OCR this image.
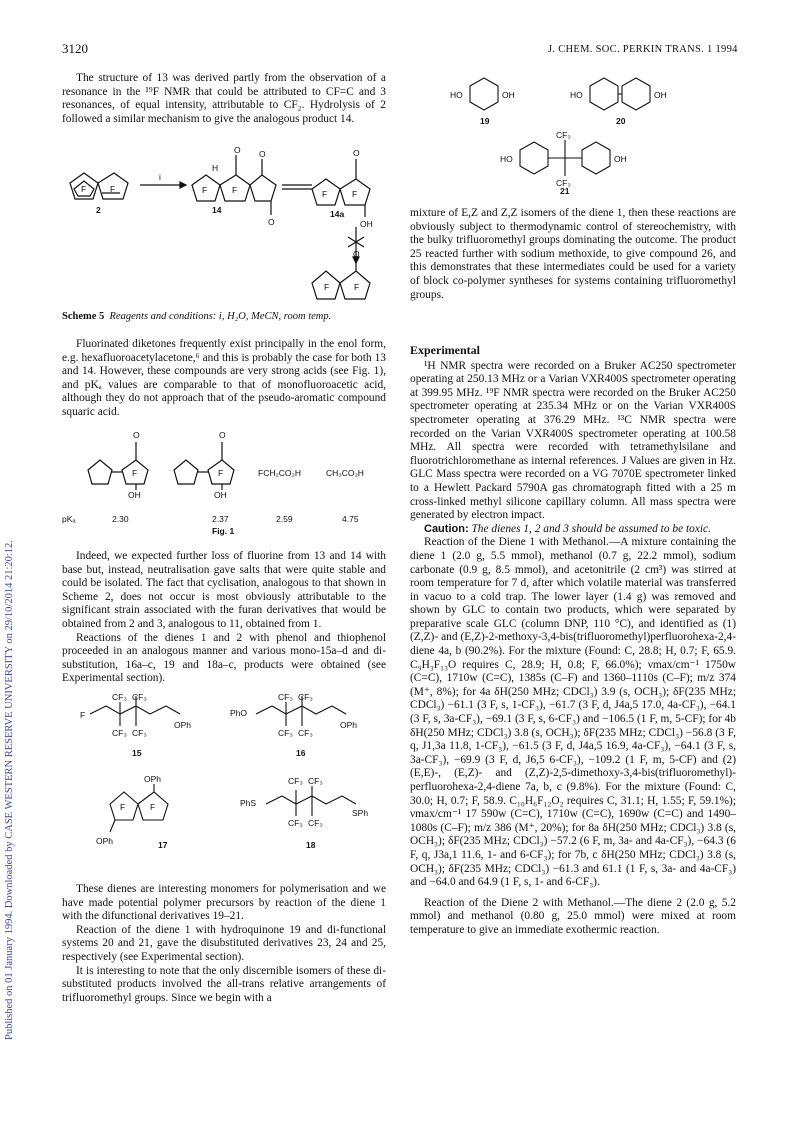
Published on 01 January 1994. Downloaded by CASE WESTERN RESERVE UNIVERSITY on 29/10/2014 21:20:12.
3120	J. CHEM. SOC. PERKIN TRANS. 1 1994

The structure of 13 was derived partly from the observation of a resonance in the ¹⁹F NMR that could be attributed to CF=C and 3 resonances, of equal intensity, attributable to CF₂. Hydrolysis of 2 followed a similar mechanism to give the analogous product 14.

F	F
i
F	F
O O
H
O
F	F
O
OH
F	F
O
2	14	14a
Scheme 5 Reagents and conditions: i, H₂O, MeCN, room temp.

Fluorinated diketones frequently exist principally in the enol form, e.g. hexafluoroacetylacetone,⁶ and this is probably the case for both 13 and 14. However, these compounds are very strong acids (see Fig. 1), and pKₐ values are comparable to that of monofluoroacetic acid, although they do not approach that of the pseudo-aromatic compound squaric acid.

O	O
F	F
OH	OH
FCH₂CO₂H	CH₃CO₂H
pKₐ	2.30	2.37	2.59	4.75
Fig. 1

Indeed, we expected further loss of fluorine from 13 and 14 with base but, instead, neutralisation gave salts that were quite stable and could be isolated. The fact that cyclisation, analogous to that shown in Scheme 2, does not occur is most obviously attributable to the significant strain associated with the furan derivatives that would be obtained from 2 and 3, analogous to 11, obtained from 1.

Reactions of the dienes 1 and 2 with phenol and thiophenol proceeded in an analogous manner and various mono-15a–d and di-substitution, 16a–c, 19 and 18a–c, products were obtained (see Experimental section).

CF₃ CF₃
CF₃ CF₃
F
OPh
15
CF₃ CF₃
CF₃ CF₃
PhO
OPh
16
OPh
F	F
OPh	17
CF₃ CF₃
CF₃ CF₃
PhS
SPh
18

These dienes are interesting monomers for polymerisation and we have made potential polymer precursors by reaction of the diene 1 with the difunctional derivatives 19–21.

Reaction of the diene 1 with hydroquinone 19 and di-functional systems 20 and 21, gave the disubstituted derivatives 23, 24 and 25, respectively (see Experimental section).

It is interesting to note that the only discernible isomers of these di-substituted products involved the all-trans relative arrangements of trifluoromethyl groups. Since we begin with a

HO	OH	HO	OH
HO	OH
CF₃
CF₃
19	20
21

mixture of E,Z and Z,Z isomers of the diene 1, then these reactions are obviously subject to thermodynamic control of stereochemistry, with the bulky trifluoromethyl groups dominating the outcome. The product 25 reacted further with sodium methoxide, to give compound 26, and this demonstrates that these intermediates could be used for a variety of block co-polymer syntheses for systems containing trifluoromethyl groups.

Experimental

¹H NMR spectra were recorded on a Bruker AC250 spectrometer operating at 250.13 MHz or a Varian VXR400S spectrometer operating at 399.95 MHz. ¹⁹F NMR spectra were recorded on the Bruker AC250 spectrometer operating at 235.34 MHz or on the Varian VXR400S spectrometer operating at 376.29 MHz. ¹³C NMR spectra were recorded on the Varian VXR400S spectrometer operating at 100.58 MHz. All spectra were recorded with tetramethylsilane and fluorotrichloromethane as internal references. J Values are given in Hz. GLC Mass spectra were recorded on a VG 7070E spectrometer linked to a Hewlett Packard 5790A gas chromatograph fitted with a 25 m cross-linked methyl silicone capillary column. All mass spectra were generated by electron impact.

Caution: The dienes 1, 2 and 3 should be assumed to be toxic.

Reaction of the Diene 1 with Methanol.—A mixture containing the diene 1 (2.0 g, 5.5 mmol), methanol (0.7 g, 22.2 mmol), sodium carbonate (0.9 g, 8.5 mmol), and acetonitrile (2 cm³) was stirred at room temperature for 7 d, after which volatile material was transferred in vacuo to a cold trap. The lower layer (1.4 g) was removed and shown by GLC to contain two products, which were separated by preparative scale GLC (column DNP, 110 °C), and identified as (1) (Z,Z)- and (E,Z)-2-methoxy-3,4-bis(trifluoromethyl)perfluorohexa-2,4-diene 4a, b (90.2%). For the mixture (Found: C, 28.8; H, 0.7; F, 65.9. C₉H₃F₁₃O requires C, 28.9; H, 0.8; F, 66.0%); νmax/cm⁻¹ 1750w (C=C), 1710w (C=C), 1385s (C–F) and 1360–1110s (C–F); m/z 374 (M⁺, 8%); for 4a δH(250 MHz; CDCl₃) 3.9 (s, OCH₃); δF(235 MHz; CDCl₃) −61.1 (3 F, s, 1-CF₃), −61.7 (3 F, d, J4a,5 17.0, 4a-CF₃), −64.1 (3 F, s, 3a-CF₃), −69.1 (3 F, s, 6-CF₃) and −106.5 (1 F, m, 5-CF); for 4b δH(250 MHz; CDCl₃) 3.8 (s, OCH₃); δF(235 MHz; CDCl₃) −56.8 (3 F, q, J1,3a 11.8, 1-CF₃), −61.5 (3 F, d, J4a,5 16.9, 4a-CF₃), −64.1 (3 F, s, 3a-CF₃), −69.9 (3 F, d, J6,5 6-CF₃), −109.2 (1 F, m, 5-CF) and (2) (E,E)-, (E,Z)- and (Z,Z)-2,5-dimethoxy-3,4-bis(trifluoromethyl)-perfluorohexa-2,4-diene 7a, b, c (9.8%). For the mixture (Found: C, 30.0; H, 0.7; F, 58.9. C₁₀H₆F₁₂O₂ requires C, 31.1; H, 1.55; F, 59.1%); νmax/cm⁻¹ 17 590w (C=C), 1710w (C=C), 1690w (C=C) and 1490–1080s (C–F); m/z 386 (M⁺, 20%); for 8a δH(250 MHz; CDCl₃) 3.8 (s, OCH₃); δF(235 MHz; CDCl₃) −57.2 (6 F, m, 3a- and 4a-CF₃), −64.3 (6 F, q, J3a,1 11.6, 1- and 6-CF₃); for 7b, c δH(250 MHz; CDCl₃) 3.8 (s, OCH₃); δF(235 MHz; CDCl₃) −61.3 and 61.1 (1 F, s, 3a- and 4a-CF₃) and −64.0 and 64.9 (1 F, s, 1- and 6-CF₃).

Reaction of the Diene 2 with Methanol.—The diene 2 (2.0 g, 5.2 mmol) and methanol (0.80 g, 25.0 mmol) were mixed at room temperature to give an immediate exothermic reaction.
